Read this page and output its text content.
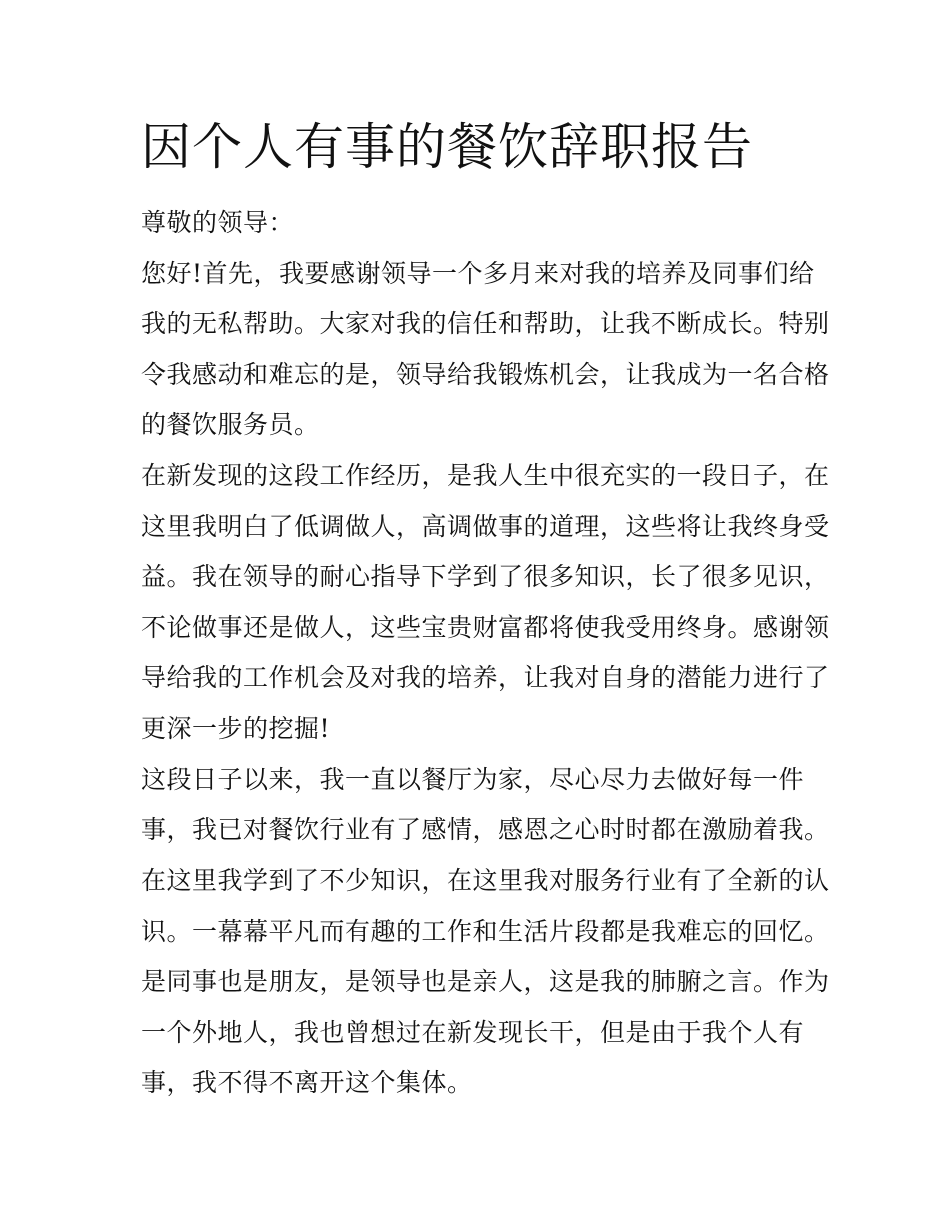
因个人有事的餐饮辞职报告
尊敬的领导：
您好!首先，我要感谢领导一个多月来对我的培养及同事们给
我的无私帮助。大家对我的信任和帮助，让我不断成长。特别
令我感动和难忘的是，领导给我锻炼机会，让我成为一名合格
的餐饮服务员。
在新发现的这段工作经历，是我人生中很充实的一段日子，在
这里我明白了低调做人，高调做事的道理，这些将让我终身受
益。我在领导的耐心指导下学到了很多知识，长了很多见识，
不论做事还是做人，这些宝贵财富都将使我受用终身。感谢领
导给我的工作机会及对我的培养，让我对自身的潜能力进行了
更深一步的挖掘!
这段日子以来，我一直以餐厅为家，尽心尽力去做好每一件
事，我已对餐饮行业有了感情，感恩之心时时都在激励着我。
在这里我学到了不少知识，在这里我对服务行业有了全新的认
识。一幕幕平凡而有趣的工作和生活片段都是我难忘的回忆。
是同事也是朋友，是领导也是亲人，这是我的肺腑之言。作为
一个外地人，我也曾想过在新发现长干，但是由于我个人有
事，我不得不离开这个集体。
